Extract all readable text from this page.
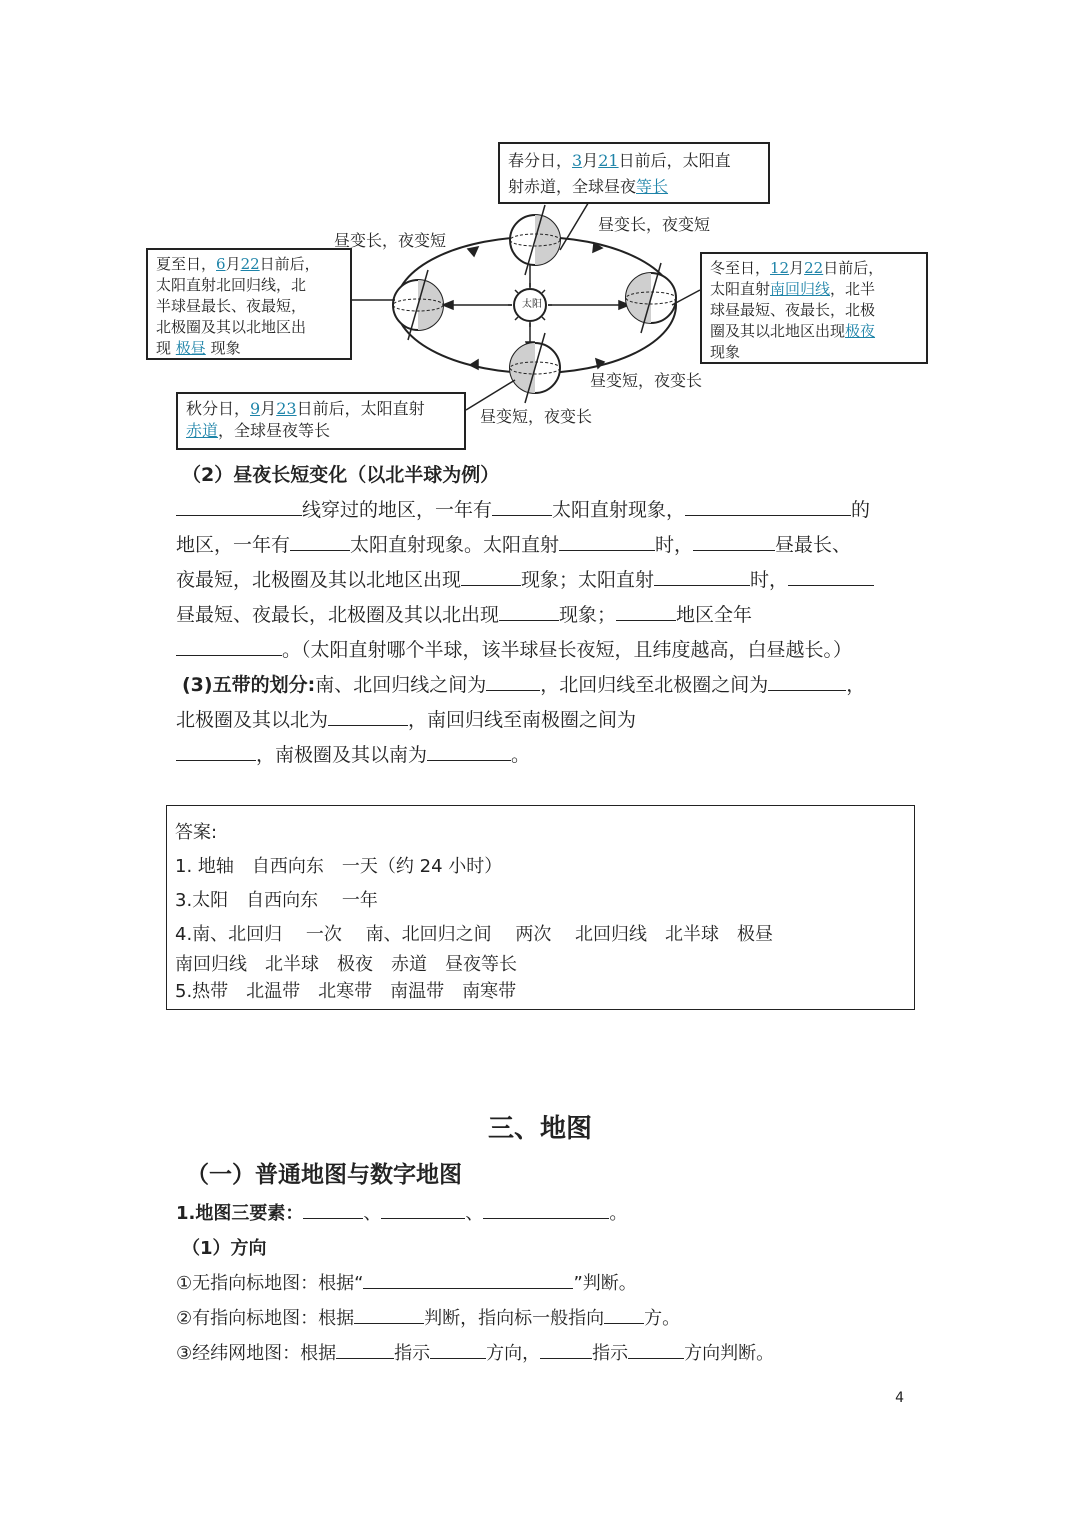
太阳
春分日，3月21日前后，太阳直
射赤道，全球昼夜等长
夏至日，6月22日前后，
太阳直射北回归线，北
半球昼最长、夜最短，
北极圈及其以北地区出
现 极昼 现象
冬至日，12月22日前后，
太阳直射南回归线，北半
球昼最短、夜最长，北极
圈及其以北地区出现极夜
现象
秋分日，9月23日前后，太阳直射
赤道，全球昼夜等长
昼变长，夜变短
昼变长，夜变短
昼变短，夜变长
昼变短，夜变长
（2）昼夜长短变化（以北半球为例）
线穿过的地区，一年有	太阳直射现象，	的
地区，一年有	太阳直射现象。太阳直射	时，	昼最长、
夜最短，北极圈及其以北地区出现	现象；太阳直射	时，
昼最短、夜最长，北极圈及其以北出现	现象；	地区全年
。（太阳直射哪个半球，该半球昼长夜短，且纬度越高，白昼越长。）
(3)五带的划分:南、北回归线之间为	，北回归线至北极圈之间为	，
北极圈及其以北为	，南回归线至南极圈之间为
，南极圈及其以南为	。
答案:
1. 地轴　自西向东　一天（约 24 小时）
3.太阳　自西向东　 一年
4.南、北回归　 一次　 南、北回归之间　 两次　 北回归线　北半球　极昼
南回归线　北半球　极夜　赤道　昼夜等长
5.热带　北温带　北寒带　南温带　南寒带
三、地图
（一）普通地图与数字地图
1.地图三要素：	、	、	。
（1）方向
①无指向标地图：根据“	”判断。
②有指向标地图：根据	判断，指向标一般指向 方。
③经纬网地图：根据	指示	方向，	指示	方向判断。
4
